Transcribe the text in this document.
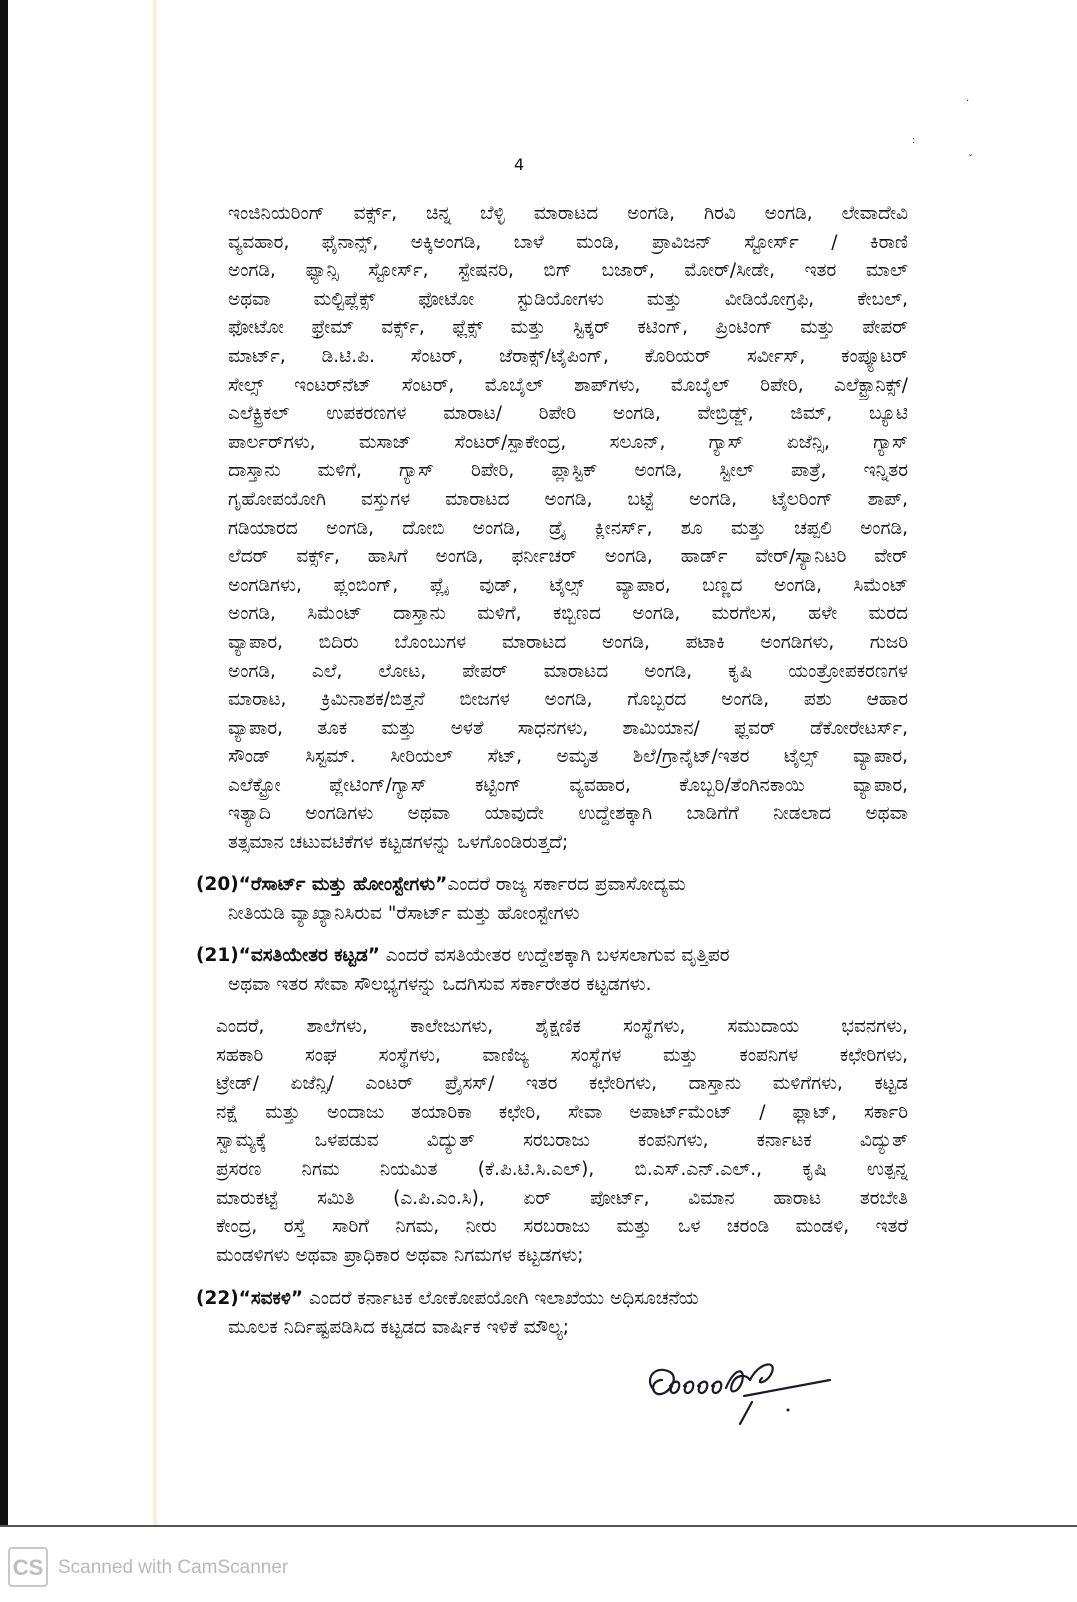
·
:
ˇ
4
ಇಂಜಿನಿಯರಿಂಗ್ ವರ್ಕ್ಸ್, ಚಿನ್ನ ಬೆಳ್ಳಿ ಮಾರಾಟದ ಅಂಗಡಿ, ಗಿರವಿ ಅಂಗಡಿ, ಲೇವಾದೇವಿ
ವ್ಯವಹಾರ, ಫೈನಾನ್ಸ್, ಅಕ್ಕಿಅಂಗಡಿ, ಬಾಳೆ ಮಂಡಿ, ಪ್ರಾವಿಜನ್ ಸ್ಟೋರ್ಸ್ / ಕಿರಾಣಿ
ಅಂಗಡಿ, ಫ್ಯಾನ್ಸಿ ಸ್ಟೋರ್ಸ್, ಸ್ಟೇಷನರಿ, ಬಿಗ್ ಬಜಾರ್, ಮೋರ್/ಸೀಡೇ, ಇತರ ಮಾಲ್
ಅಥವಾ ಮಲ್ಟಿಪ್ಲೆಕ್ಸ್ ಫೋಟೋ ಸ್ಟುಡಿಯೋಗಳು ಮತ್ತು ವೀಡಿಯೋಗ್ರಫಿ, ಕೇಬಲ್,
ಫೋಟೋ ಫ್ರೇಮ್ ವರ್ಕ್ಸ್, ಫ್ಲೆಕ್ಸ್ ಮತ್ತು ಸ್ಟಿಕ್ಕರ್ ಕಟಿಂಗ್, ಪ್ರಿಂಟಿಂಗ್ ಮತ್ತು ಪೇಪರ್
ಮಾರ್ಟ್, ಡಿ.ಟಿ.ಪಿ. ಸೆಂಟರ್, ಜೆರಾಕ್ಸ್/ಟೈಪಿಂಗ್, ಕೊರಿಯರ್ ಸರ್ವೀಸ್, ಕಂಪ್ಯೂಟರ್
ಸೇಲ್ಸ್ ಇಂಟರ್‌ನೆಟ್ ಸೆಂಟರ್, ಮೊಬೈಲ್ ಶಾಪ್‌ಗಳು, ಮೊಬೈಲ್ ರಿಪೇರಿ, ಎಲೆಕ್ಟ್ರಾನಿಕ್ಸ್/
ಎಲೆಕ್ಟ್ರಿಕಲ್ ಉಪಕರಣಗಳ ಮಾರಾಟ/ ರಿಪೇರಿ ಅಂಗಡಿ, ವೇಬ್ರಿಡ್ಜ್, ಜಿಮ್, ಬ್ಯೂಟಿ
ಪಾರ್ಲರ್‌ಗಳು, ಮಸಾಜ್ ಸೆಂಟರ್/ಸ್ಪಾಕೇಂದ್ರ, ಸಲೂನ್, ಗ್ಯಾಸ್ ಏಜೆನ್ಸಿ, ಗ್ಯಾಸ್
ದಾಸ್ತಾನು ಮಳಿಗೆ, ಗ್ಯಾಸ್ ರಿಪೇರಿ, ಪ್ಲಾಸ್ಟಿಕ್ ಅಂಗಡಿ, ಸ್ಟೀಲ್ ಪಾತ್ರೆ, ಇನ್ನಿತರ
ಗೃಹೋಪಯೋಗಿ ವಸ್ತುಗಳ ಮಾರಾಟದ ಅಂಗಡಿ, ಬಟ್ಟೆ ಅಂಗಡಿ, ಟೈಲರಿಂಗ್ ಶಾಪ್,
ಗಡಿಯಾರದ ಅಂಗಡಿ, ದೋಬಿ ಅಂಗಡಿ, ಡ್ರೈ ಕ್ಲೀನರ್ಸ್, ಶೂ ಮತ್ತು ಚಪ್ಪಲಿ ಅಂಗಡಿ,
ಲೆದರ್ ವರ್ಕ್ಸ್, ಹಾಸಿಗೆ ಅಂಗಡಿ, ಫರ್ನೀಚರ್ ಅಂಗಡಿ, ಹಾರ್ಡ್ ವೇರ್/ಸ್ಯಾನಿಟರಿ ವೇರ್
ಅಂಗಡಿಗಳು, ಪ್ಲಂಬಿಂಗ್, ಪ್ಲೈ ವುಡ್, ಟೈಲ್ಸ್ ವ್ಯಾಪಾರ, ಬಣ್ಣದ ಅಂಗಡಿ, ಸಿಮೆಂಟ್
ಅಂಗಡಿ, ಸಿಮೆಂಟ್ ದಾಸ್ತಾನು ಮಳಿಗೆ, ಕಬ್ಬಿಣದ ಅಂಗಡಿ, ಮರಗೆಲಸ, ಹಳೇ ಮರದ
ವ್ಯಾಪಾರ, ಬಿದಿರು ಬೊಂಬುಗಳ ಮಾರಾಟದ ಅಂಗಡಿ, ಪಟಾಕಿ ಅಂಗಡಿಗಳು, ಗುಜರಿ
ಅಂಗಡಿ, ಎಲೆ, ಲೋಟ, ಪೇಪರ್ ಮಾರಾಟದ ಅಂಗಡಿ, ಕೃಷಿ ಯಂತ್ರೋಪಕರಣಗಳ
ಮಾರಾಟ, ಕ್ರಿಮಿನಾಶಕ/ಬಿತ್ತನೆ ಬೀಜಗಳ ಅಂಗಡಿ, ಗೊಬ್ಬರದ ಅಂಗಡಿ, ಪಶು ಆಹಾರ
ವ್ಯಾಪಾರ, ತೂಕ ಮತ್ತು ಅಳತೆ ಸಾಧನಗಳು, ಶಾಮಿಯಾನ/ ಫ್ಲವರ್ ಡೆಕೋರೇಟರ್ಸ್,
ಸೌಂಡ್ ಸಿಸ್ಟಮ್. ಸೀರಿಯಲ್ ಸೆಟ್, ಅಮೃತ ಶಿಲೆ/ಗ್ರಾನೈಟ್/ಇತರ ಟೈಲ್ಸ್ ವ್ಯಾಪಾರ,
ಎಲೆಕ್ಟ್ರೋ ಪ್ಲೇಟಿಂಗ್/ಗ್ಯಾಸ್ ಕಟ್ಟಿಂಗ್ ವ್ಯವಹಾರ, ಕೊಬ್ಬರಿ/ತೆಂಗಿನಕಾಯಿ ವ್ಯಾಪಾರ,
ಇತ್ಯಾದಿ ಅಂಗಡಿಗಳು ಅಥವಾ ಯಾವುದೇ ಉದ್ದೇಶಕ್ಕಾಗಿ ಬಾಡಿಗೆಗೆ ನೀಡಲಾದ ಅಥವಾ
ತತ್ಸಮಾನ ಚಟುವಟಿಕೆಗಳ ಕಟ್ಟಡಗಳನ್ನು ಒಳಗೊಂಡಿರುತ್ತದೆ;
(20)“ರೆಸಾರ್ಟ್ ಮತ್ತು ಹೋಂಸ್ಟೇಗಳು”ಎಂದರೆ ರಾಜ್ಯ ಸರ್ಕಾರದ ಪ್ರವಾಸೋದ್ಯಮ
ನೀತಿಯಡಿ ವ್ಯಾಖ್ಯಾನಿಸಿರುವ "ರೆಸಾರ್ಟ್ ಮತ್ತು ಹೋಂಸ್ಟೇಗಳು
(21)“ವಸತಿಯೇತರ ಕಟ್ಟಡ” ಎಂದರೆ ವಸತಿಯೇತರ ಉದ್ದೇಶಕ್ಕಾಗಿ ಬಳಸಲಾಗುವ ವೃತ್ತಿಪರ
ಅಥವಾ ಇತರ ಸೇವಾ ಸೌಲಭ್ಯಗಳನ್ನು ಒದಗಿಸುವ ಸರ್ಕಾರೇತರ ಕಟ್ಟಡಗಳು.
ಎಂದರೆ, ಶಾಲೆಗಳು, ಕಾಲೇಜುಗಳು, ಶೈಕ್ಷಣಿಕ ಸಂಸ್ಥೆಗಳು, ಸಮುದಾಯ ಭವನಗಳು,
ಸಹಕಾರಿ ಸಂಘ ಸಂಸ್ಥೆಗಳು, ವಾಣಿಜ್ಯ ಸಂಸ್ಥೆಗಳ ಮತ್ತು ಕಂಪನಿಗಳ ಕಛೇರಿಗಳು,
ಟ್ರೇಡ್/ ಏಜೆನ್ಸಿ/ ಎಂಟರ್ ಪ್ರೈಸಸ್/ ಇತರ ಕಛೇರಿಗಳು, ದಾಸ್ತಾನು ಮಳಿಗೆಗಳು, ಕಟ್ಟಡ
ನಕ್ಷೆ ಮತ್ತು ಅಂದಾಜು ತಯಾರಿಕಾ ಕಛೇರಿ, ಸೇವಾ ಅಪಾರ್ಟ್‌ಮೆಂಟ್ / ಫ್ಲಾಟ್, ಸರ್ಕಾರಿ
ಸ್ವಾಮ್ಯಕ್ಕೆ ಒಳಪಡುವ ವಿದ್ಯುತ್ ಸರಬರಾಜು ಕಂಪನಿಗಳು, ಕರ್ನಾಟಕ ವಿದ್ಯುತ್
ಪ್ರಸರಣ ನಿಗಮ ನಿಯಮಿತ (ಕೆ.ಪಿ.ಟಿ.ಸಿ.ಎಲ್), ಬಿ.ಎಸ್.ಎನ್.ಎಲ್., ಕೃಷಿ ಉತ್ಪನ್ನ
ಮಾರುಕಟ್ಟೆ ಸಮಿತಿ (ಎ.ಪಿ.ಎಂ.ಸಿ), ಏರ್ ಪೋರ್ಟ್, ವಿಮಾನ ಹಾರಾಟ ತರಬೇತಿ
ಕೇಂದ್ರ, ರಸ್ತೆ ಸಾರಿಗೆ ನಿಗಮ, ನೀರು ಸರಬರಾಜು ಮತ್ತು ಒಳ ಚರಂಡಿ ಮಂಡಳಿ, ಇತರೆ
ಮಂಡಳಿಗಳು ಅಥವಾ ಪ್ರಾಧಿಕಾರ ಅಥವಾ ನಿಗಮಗಳ ಕಟ್ಟಡಗಳು;
(22)“ಸವಕಳಿ” ಎಂದರೆ ಕರ್ನಾಟಕ ಲೋಕೋಪಯೋಗಿ ಇಲಾಖೆಯು ಅಧಿಸೂಚನೆಯ
ಮೂಲಕ ನಿರ್ದಿಷ್ಟಪಡಿಸಿದ ಕಟ್ಟಡದ ವಾರ್ಷಿಕ ಇಳಿಕೆ ಮೌಲ್ಯ;
signature
CS Scanned with CamScanner
